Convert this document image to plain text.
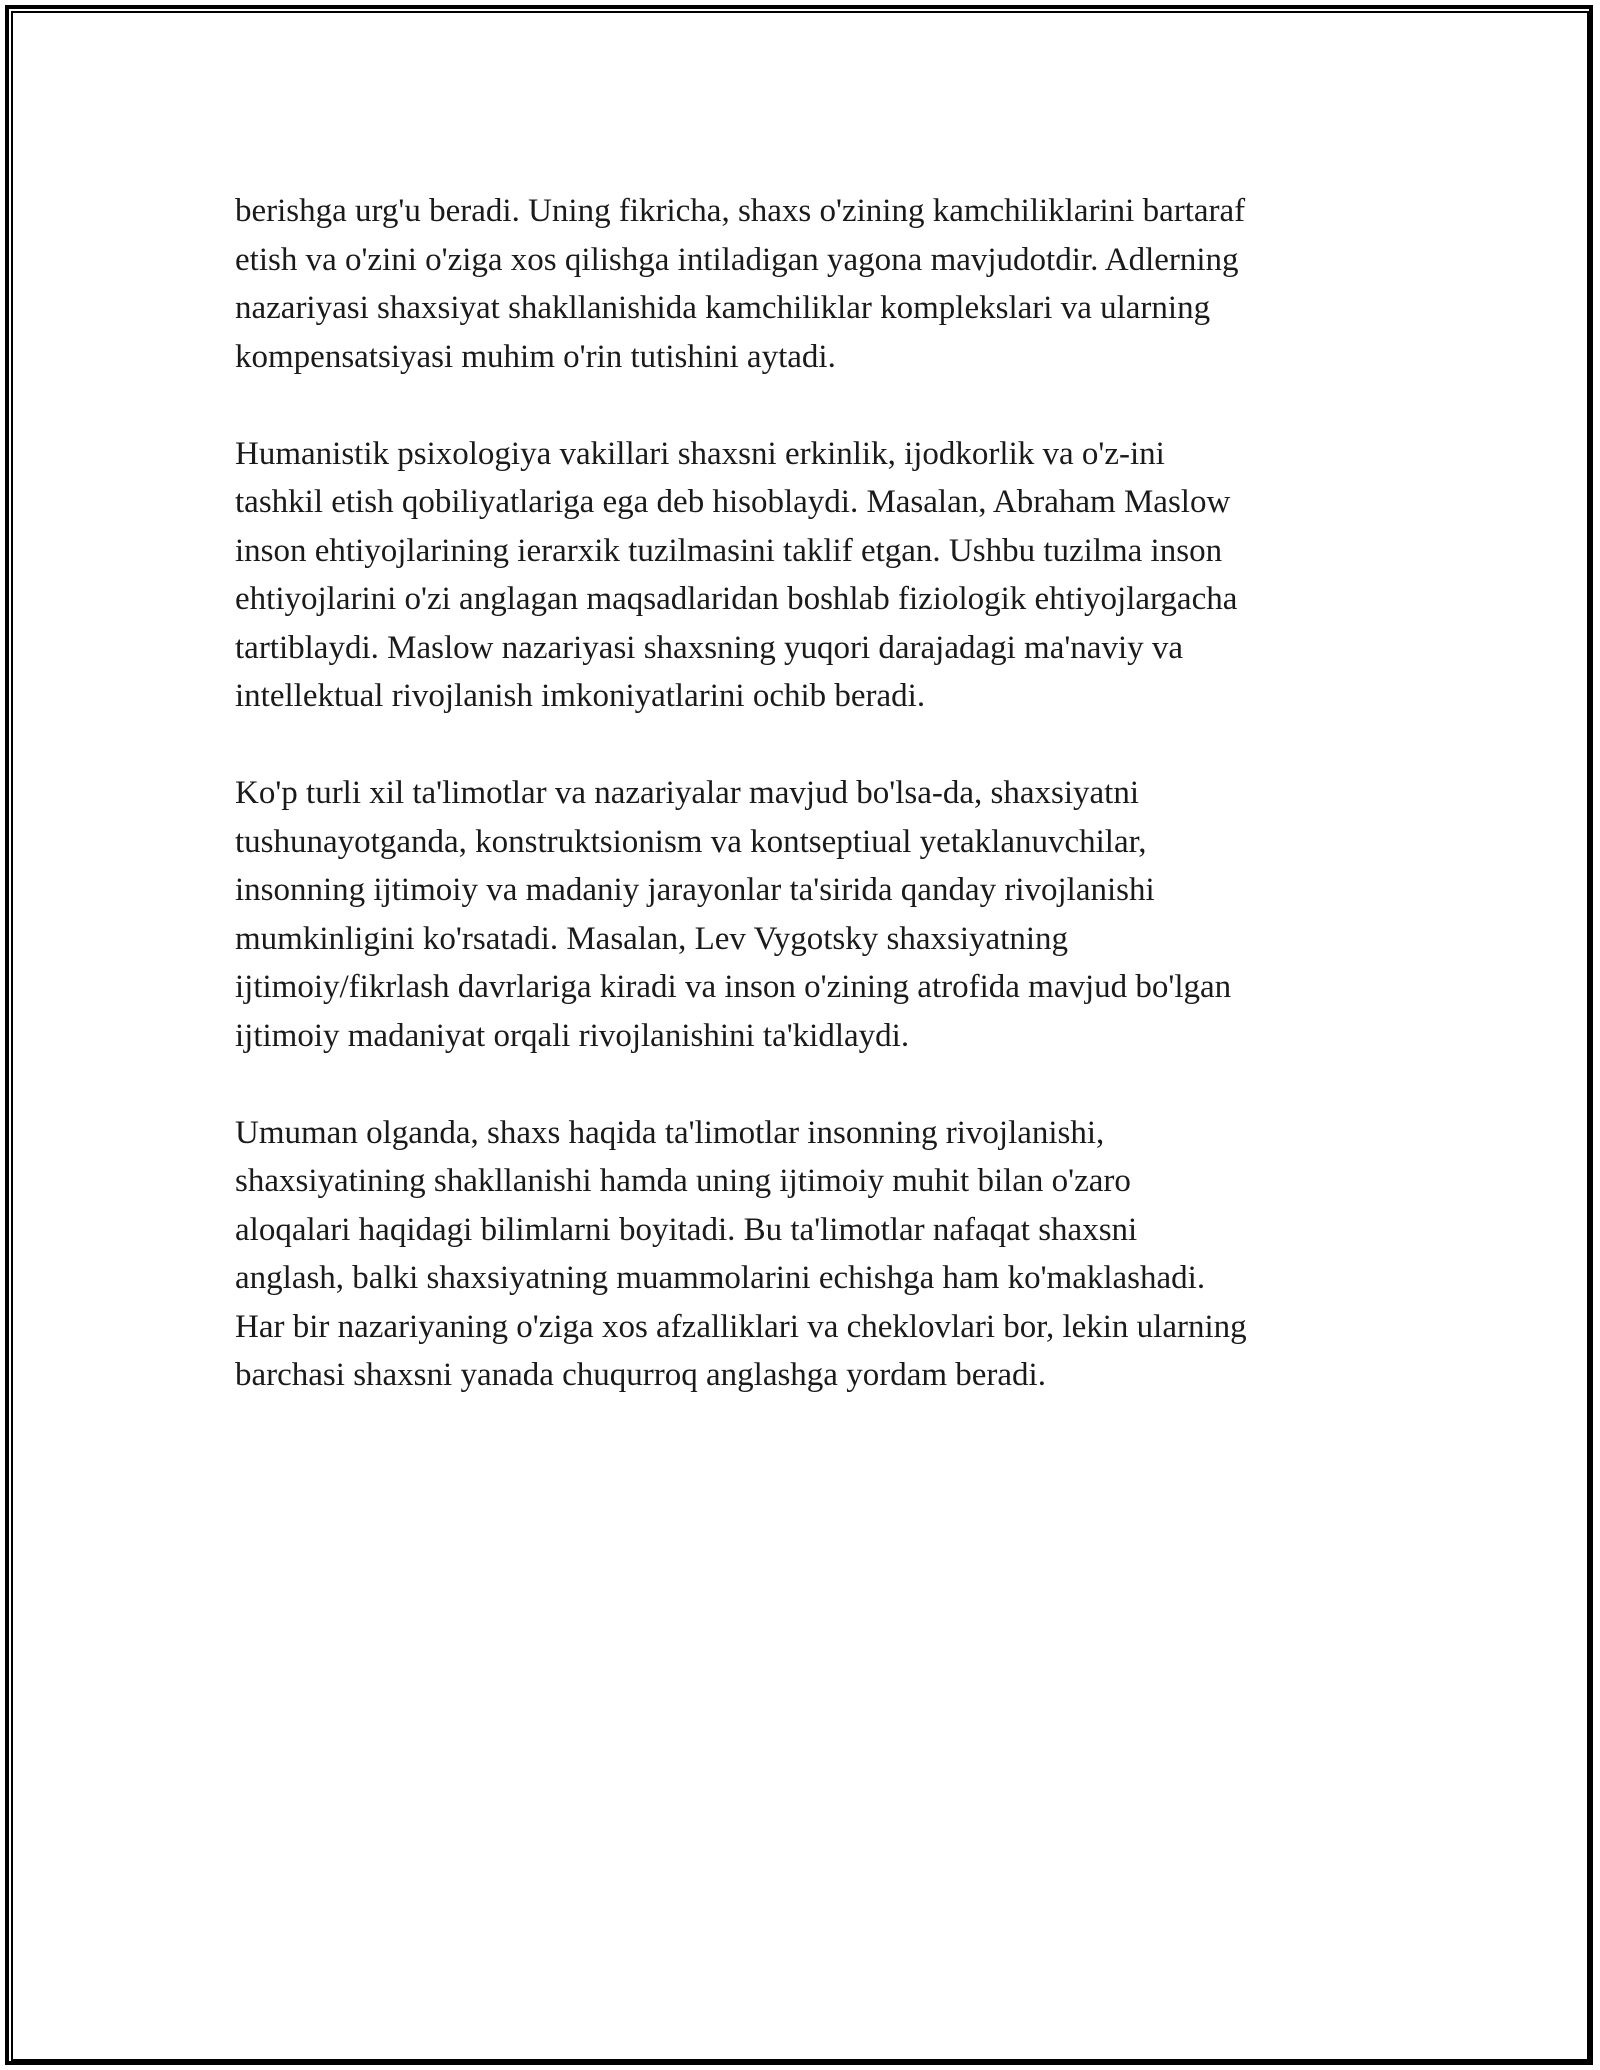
berishga urg'u beradi. Uning fikricha, shaxs o'zining kamchiliklarini bartaraf
etish va o'zini o'ziga xos qilishga intiladigan yagona mavjudotdir. Adlerning
nazariyasi shaxsiyat shakllanishida kamchiliklar komplekslari va ularning
kompensatsiyasi muhim o'rin tutishini aytadi.

Humanistik psixologiya vakillari shaxsni erkinlik, ijodkorlik va o'z-ini
tashkil etish qobiliyatlariga ega deb hisoblaydi. Masalan, Abraham Maslow
inson ehtiyojlarining ierarxik tuzilmasini taklif etgan. Ushbu tuzilma inson
ehtiyojlarini o'zi anglagan maqsadlaridan boshlab fiziologik ehtiyojlargacha
tartiblaydi. Maslow nazariyasi shaxsning yuqori darajadagi ma'naviy va
intellektual rivojlanish imkoniyatlarini ochib beradi.

Ko'p turli xil ta'limotlar va nazariyalar mavjud bo'lsa-da, shaxsiyatni
tushunayotganda, konstruktsionism va kontseptiual yetaklanuvchilar,
insonning ijtimoiy va madaniy jarayonlar ta'sirida qanday rivojlanishi
mumkinligini ko'rsatadi. Masalan, Lev Vygotsky shaxsiyatning
ijtimoiy/fikrlash davrlariga kiradi va inson o'zining atrofida mavjud bo'lgan
ijtimoiy madaniyat orqali rivojlanishini ta'kidlaydi.

Umuman olganda, shaxs haqida ta'limotlar insonning rivojlanishi,
shaxsiyatining shakllanishi hamda uning ijtimoiy muhit bilan o'zaro
aloqalari haqidagi bilimlarni boyitadi. Bu ta'limotlar nafaqat shaxsni
anglash, balki shaxsiyatning muammolarini echishga ham ko'maklashadi.
Har bir nazariyaning o'ziga xos afzalliklari va cheklovlari bor, lekin ularning
barchasi shaxsni yanada chuqurroq anglashga yordam beradi.
